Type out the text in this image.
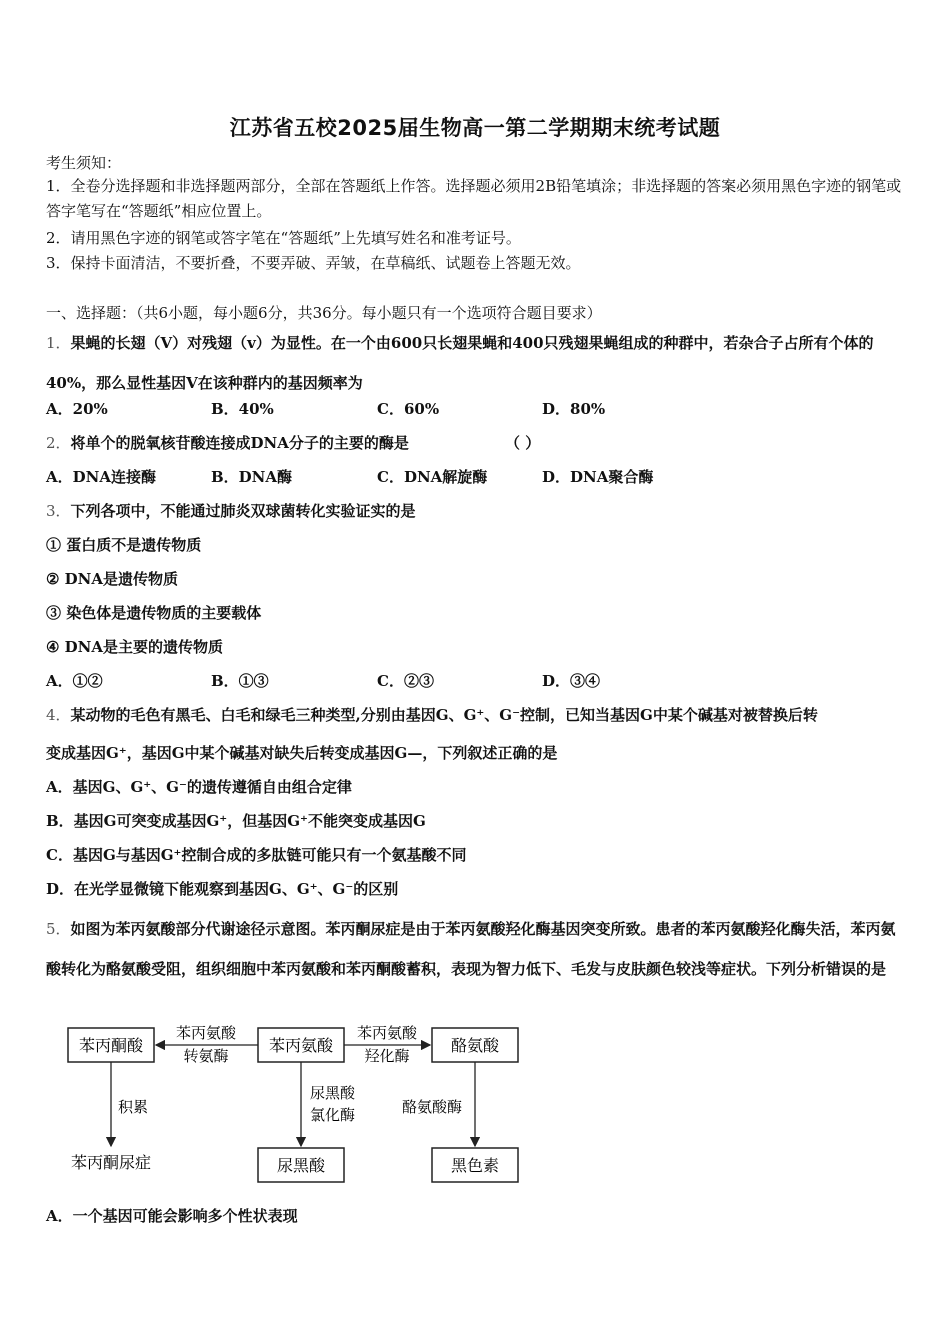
江苏省五校2025届生物高一第二学期期末统考试题
考生须知：
1．全卷分选择题和非选择题两部分，全部在答题纸上作答。选择题必须用2B铅笔填涂；非选择题的答案必须用黑色字迹的钢笔或答字笔写在“答题纸”相应位置上。
2．请用黑色字迹的钢笔或答字笔在“答题纸”上先填写姓名和准考证号。
3．保持卡面清洁，不要折叠，不要弄破、弄皱，在草稿纸、试题卷上答题无效。
一、选择题：（共6小题，每小题6分，共36分。每小题只有一个选项符合题目要求）
1．果蝇的长翅（V）对残翅（v）为显性。在一个由600只长翅果蝇和400只残翅果蝇组成的种群中，若杂合子占所有个体的40%，那么显性基因V在该种群内的基因频率为
A．20%	B．40%	C．60%	D．80%
2．将单个的脱氧核苷酸连接成DNA分子的主要的酶是	（ ）
A．DNA连接酶	B．DNA酶	C．DNA解旋酶	D．DNA聚合酶
3．下列各项中，不能通过肺炎双球菌转化实验证实的是
① 蛋白质不是遗传物质
② DNA是遗传物质
③ 染色体是遗传物质的主要载体
④ DNA是主要的遗传物质
A．①②	B．①③	C．②③	D．③④
4．某动物的毛色有黑毛、白毛和绿毛三种类型,分别由基因G、G⁺、G⁻控制，已知当基因G中某个碱基对被替换后转
变成基因G⁺，基因G中某个碱基对缺失后转变成基因G—，下列叙述正确的是
A．基因G、G⁺、G⁻的遗传遵循自由组合定律
B．基因G可突变成基因G⁺，但基因G⁺不能突变成基因G
C．基因G与基因G⁺控制合成的多肽链可能只有一个氨基酸不同
D．在光学显微镜下能观察到基因G、G⁺、G⁻的区别
5．如图为苯丙氨酸部分代谢途径示意图。苯丙酮尿症是由于苯丙氨酸羟化酶基因突变所致。患者的苯丙氨酸羟化酶失活，苯丙氨酸转化为酪氨酸受阻，组织细胞中苯丙氨酸和苯丙酮酸蓄积，表现为智力低下、毛发与皮肤颜色较浅等症状。下列分析错误的是
苯丙酮酸	苯丙氨酸	酪氨酸
苯丙氨酸
转氨酶
苯丙氨酸
羟化酶
积累
苯丙酮尿症
尿黑酸
氯化酶
尿黑酸
酪氨酸酶
黑色素
A．一个基因可能会影响多个性状表现
